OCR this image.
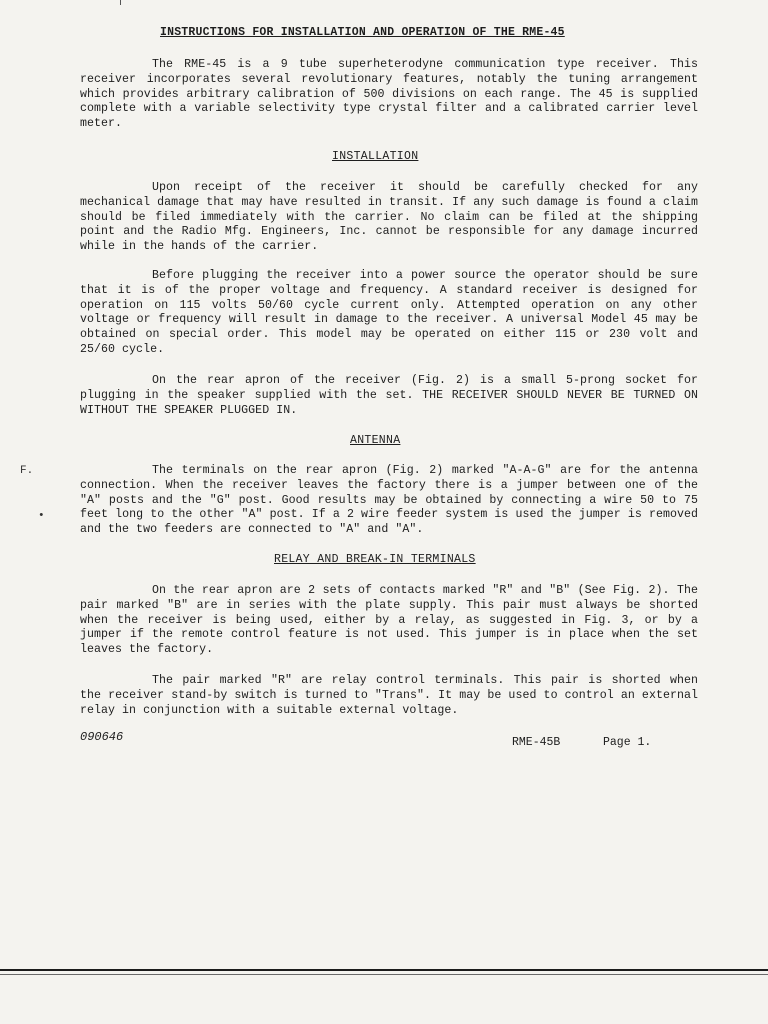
INSTRUCTIONS FOR INSTALLATION AND OPERATION OF THE RME-45
The RME-45 is a 9 tube superheterodyne communication type receiver. This receiver incorporates several revolutionary features, notably the tuning arrangement which provides arbitrary calibration of 500 divisions on each range. The 45 is supplied complete with a variable selectivity type crystal filter and a calibrated carrier level meter.
INSTALLATION
Upon receipt of the receiver it should be carefully checked for any mechanical damage that may have resulted in transit. If any such damage is found a claim should be filed immediately with the carrier. No claim can be filed at the shipping point and the Radio Mfg. Engineers, Inc. cannot be responsible for any damage incurred while in the hands of the carrier.
Before plugging the receiver into a power source the operator should be sure that it is of the proper voltage and frequency. A standard receiver is designed for operation on 115 volts 50/60 cycle current only. Attempted operation on any other voltage or frequency will result in damage to the receiver. A universal Model 45 may be obtained on special order. This model may be operated on either 115 or 230 volt and 25/60 cycle.
On the rear apron of the receiver (Fig. 2) is a small 5-prong socket for plugging in the speaker supplied with the set. THE RECEIVER SHOULD NEVER BE TURNED ON WITHOUT THE SPEAKER PLUGGED IN.
ANTENNA
F.
•
The terminals on the rear apron (Fig. 2) marked "A-A-G" are for the antenna connection. When the receiver leaves the factory there is a jumper between one of the "A" posts and the "G" post. Good results may be obtained by connecting a wire 50 to 75 feet long to the other "A" post. If a 2 wire feeder system is used the jumper is removed and the two feeders are connected to "A" and "A".
RELAY AND BREAK-IN TERMINALS
On the rear apron are 2 sets of contacts marked "R" and "B" (See Fig. 2). The pair marked "B" are in series with the plate supply. This pair must always be shorted when the receiver is being used, either by a relay, as suggested in Fig. 3, or by a jumper if the remote control feature is not used. This jumper is in place when the set leaves the factory.
The pair marked "R" are relay control terminals. This pair is shorted when the receiver stand-by switch is turned to "Trans". It may be used to control an external relay in conjunction with a suitable external voltage.
090646	RME-45B	Page 1.
